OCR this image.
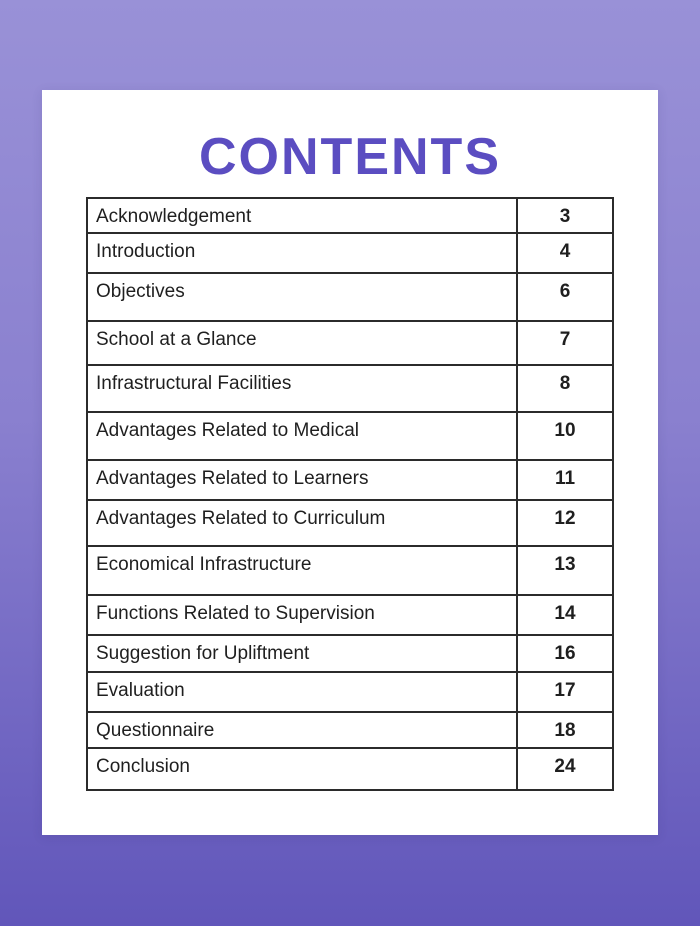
CONTENTS
Acknowledgement	3
Introduction	4
Objectives	6
School at a Glance	7
Infrastructural Facilities	8
Advantages Related to Medical	10
Advantages Related to Learners	11
Advantages Related to Curriculum	12
Economical Infrastructure	13
Functions Related to Supervision	14
Suggestion for Upliftment	16
Evaluation	17
Questionnaire	18
Conclusion	24
